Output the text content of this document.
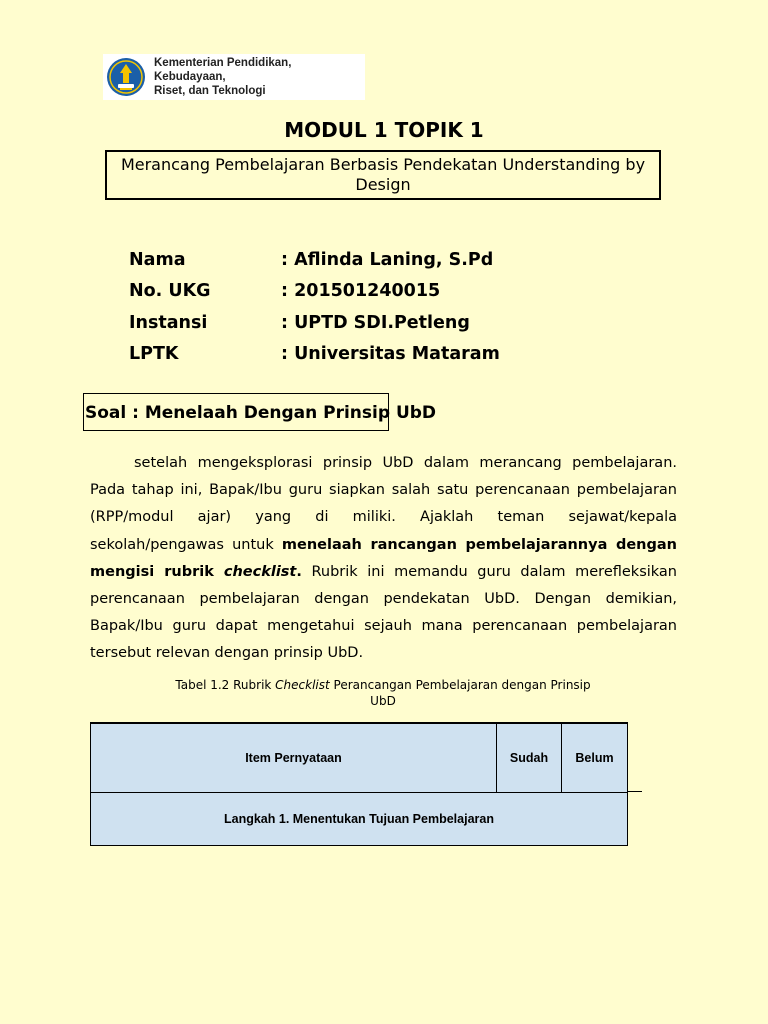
Kementerian Pendidikan, Kebudayaan,
Riset, dan Teknologi
MODUL 1 TOPIK 1
Merancang Pembelajaran Berbasis Pendekatan Understanding by Design
Nama	: Aflinda Laning, S.Pd
No. UKG	: 201501240015
Instansi	: UPTD SDI.Petleng
LPTK	: Universitas Mataram
Soal : Menelaah Dengan Prinsip UbD
setelah mengeksplorasi prinsip UbD dalam merancang pembelajaran. Pada tahap ini, Bapak/Ibu guru siapkan salah satu perencanaan pembelajaran (RPP/modul ajar) yang di miliki. Ajaklah teman sejawat/kepala sekolah/pengawas untuk menelaah rancangan pembelajarannya dengan mengisi rubrik checklist. Rubrik ini memandu guru dalam merefleksikan perencanaan pembelajaran dengan pendekatan UbD. Dengan demikian, Bapak/Ibu guru dapat mengetahui sejauh mana perencanaan pembelajaran tersebut relevan dengan prinsip UbD.
Tabel 1.2 Rubrik Checklist Perancangan Pembelajaran dengan Prinsip UbD
Item Pernyataan	Sudah	Belum
Langkah 1. Menentukan Tujuan Pembelajaran
